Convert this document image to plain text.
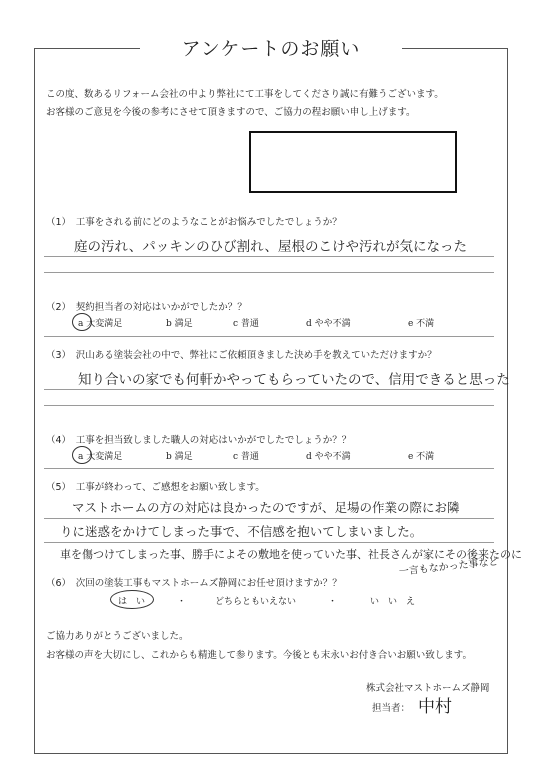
アンケートのお願い
この度、数あるリフォーム会社の中より弊社にて工事をしてくださり誠に有難うございます。
お客様のご意見を今後の参考にさせて頂きますので、ご協力の程お願い申し上げます。
（1）　工事をされる前にどのようなことがお悩みでしたでしょうか？
庭の汚れ、パッキンのひび割れ、屋根のこけや汚れが気になった
（2）　契約担当者の対応はいかがでしたか？？
a 大変満足	b 満足	c 普通	d やや不満	e 不満
（3）　沢山ある塗装会社の中で、弊社にご依頼頂きました決め手を教えていただけますか？
知り合いの家でも何軒かやってもらっていたので、信用できると思った
（4）　工事を担当致しました職人の対応はいかがでしたでしょうか？？
a 大変満足	b 満足	c 普通	d やや不満	e 不満
（5）　工事が終わって、ご感想をお願い致します。
マストホームの方の対応は良かったのですが、足場の作業の際にお隣
りに迷惑をかけてしまった事で、不信感を抱いてしまいました。
車を傷つけてしまった事、勝手によその敷地を使っていた事、社長さんが家にその後来たのに
一言もなかった事など
（6）　次回の塗装工事もマストホームズ静岡にお任せ頂けますか？？
は　い	・	どちらともいえない	・	い　い　え
ご協力ありがとうございました。
お客様の声を大切にし、これからも精進して参ります。今後とも末永いお付き合いお願い致します。
株式会社マストホームズ静岡
担当者： 中村
